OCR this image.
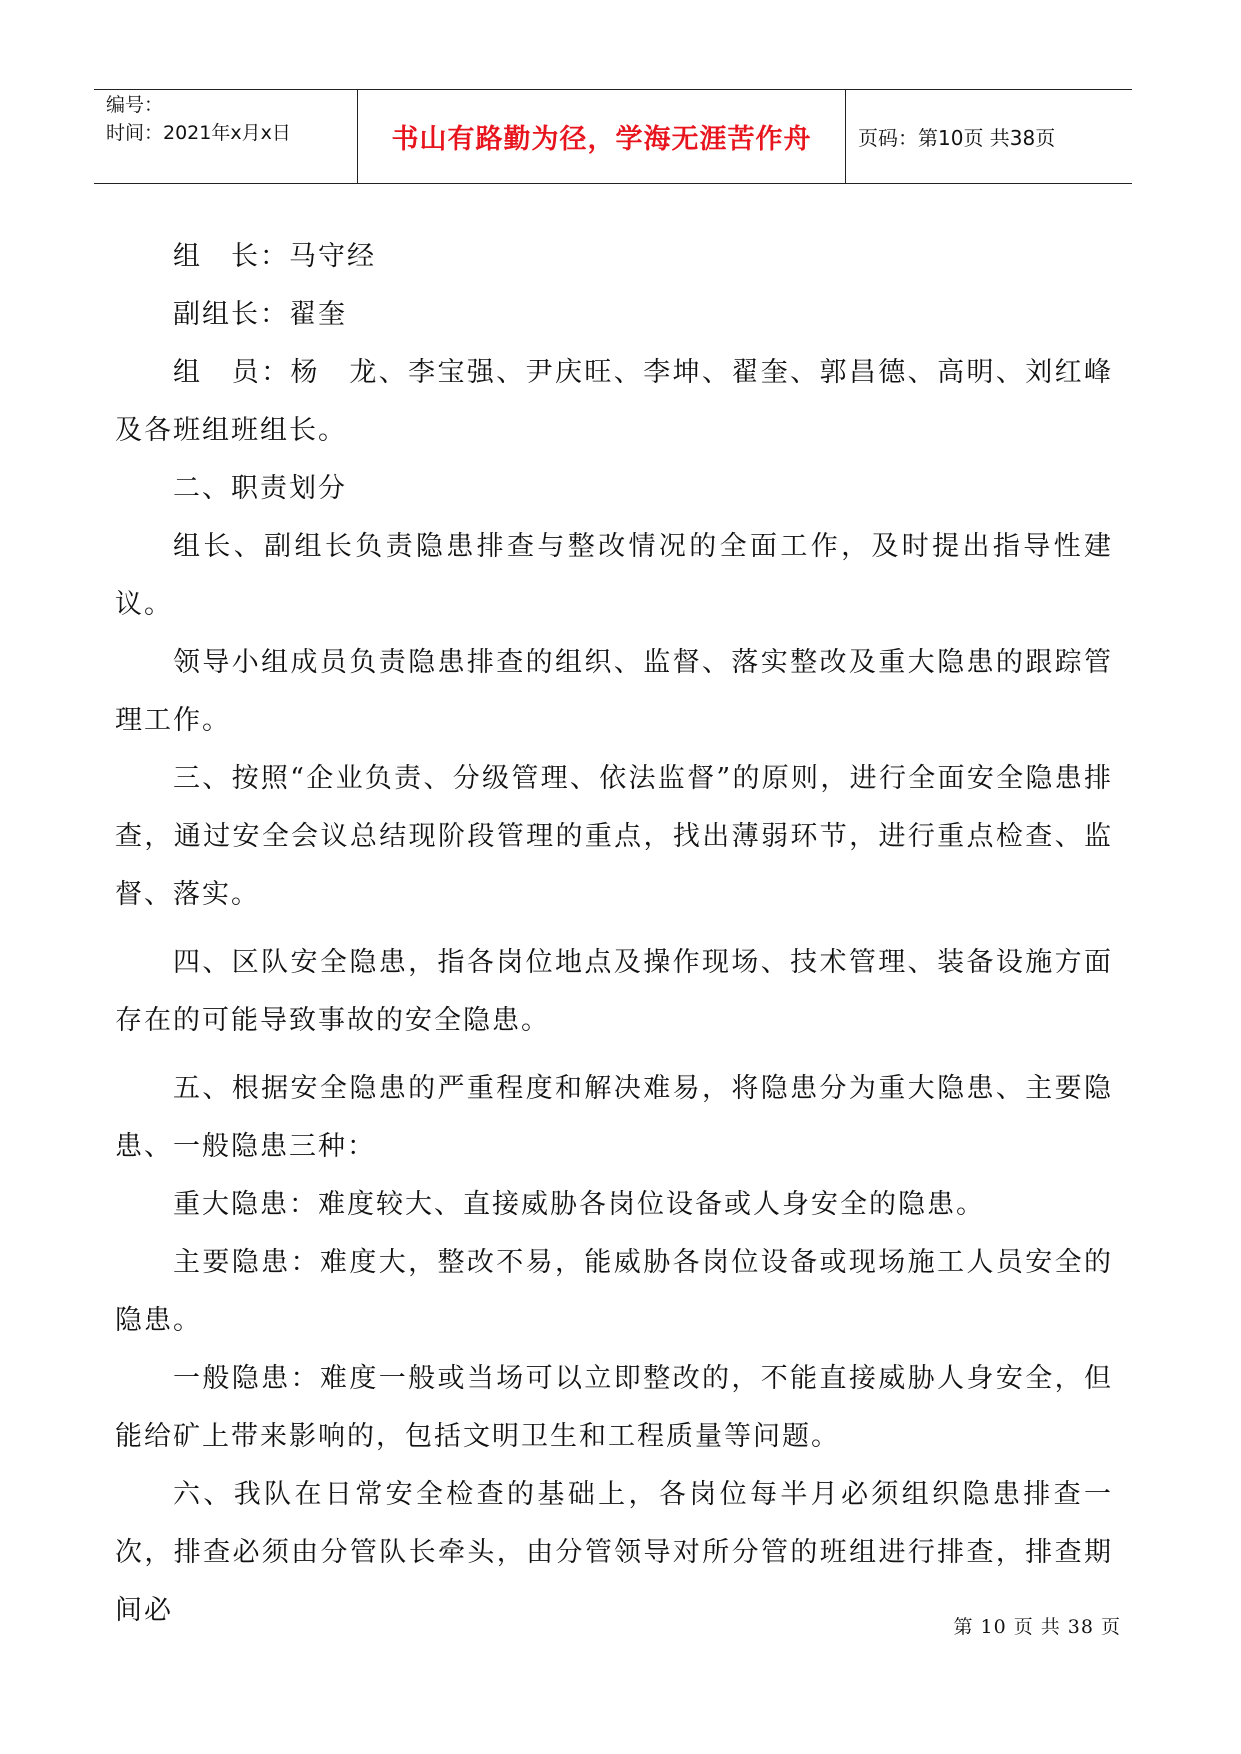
编号：
时间：2021年x月x日	书山有路勤为径，学海无涯苦作舟 页码：第10页 共38页

组　长：马守经

副组长：翟奎

组　员：杨　龙、李宝强、尹庆旺、李坤、翟奎、郭昌德、高明、刘红峰及各班组班组长。

二、职责划分

组长、副组长负责隐患排查与整改情况的全面工作，及时提出指导性建议。

领导小组成员负责隐患排查的组织、监督、落实整改及重大隐患的跟踪管理工作。

三、按照“企业负责、分级管理、依法监督”的原则，进行全面安全隐患排查，通过安全会议总结现阶段管理的重点，找出薄弱环节，进行重点检查、监督、落实。

四、区队安全隐患，指各岗位地点及操作现场、技术管理、装备设施方面存在的可能导致事故的安全隐患。

五、根据安全隐患的严重程度和解决难易，将隐患分为重大隐患、主要隐患、一般隐患三种：

重大隐患：难度较大、直接威胁各岗位设备或人身安全的隐患。

主要隐患：难度大，整改不易，能威胁各岗位设备或现场施工人员安全的隐患。

一般隐患：难度一般或当场可以立即整改的，不能直接威胁人身安全，但能给矿上带来影响的，包括文明卫生和工程质量等问题。

六、我队在日常安全检查的基础上，各岗位每半月必须组织隐患排查一次，排查必须由分管队长牵头，由分管领导对所分管的班组进行排查，排查期间必

第 10 页 共 38 页
